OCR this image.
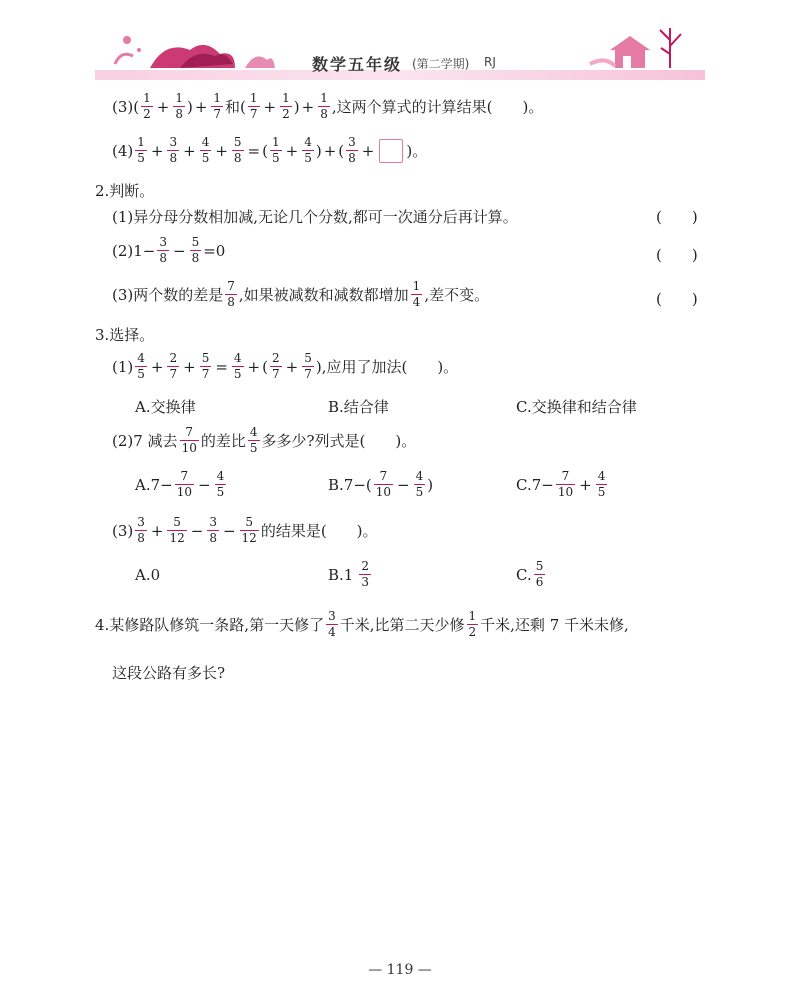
数学五年级 (第二学期) RJ
$(3)( \frac{1}{2} + \frac{1}{8}$ ) + $\frac{1}{7}$ 和( $\frac{1}{7} + \frac{1}{2}$ ) + $\frac{1}{8}$ ,这两个算式的计算结果(　　)。
$(4) \frac{1}{5} + \frac{3}{8} + \frac{4}{5} + \frac{5}{8}$ = ( $\frac{1}{5} + \frac{4}{5}$ ) + ( $\frac{3}{8}$ + )。
2.判断。
(1)异分母分数相加减,无论几个分数,都可一次通分后再计算。	(　　)
$(2)1- \frac{3}{8} - \frac{5}{8} =0$	(　　)
(3)两个数的差是 $\frac{7}{8}$ ,如果被减数和减数都增加 $\frac{1}{4}$ ,差不变。	(　　)
3.选择。
$(1) \frac{4}{5} + \frac{2}{7} + \frac{5}{7} = \frac{4}{5}$ + ( $\frac{2}{7} + \frac{5}{7}$ ) ,应用了加法(　　)。
A.交换律	B.结合律	C.交换律和结合律
(2)7 减去 $\frac{7}{10}$ 的差比 $\frac{4}{5}$ 多多少?列式是(　　)。
$A.7- \frac{7}{10} - \frac{4}{5}$	$B.7-( \frac{7}{10} - \frac{4}{5}$ )	$C.7- \frac{7}{10} + \frac{4}{5}$
$(3) \frac{3}{8} + \frac{5}{12} - \frac{3}{8} - \frac{5}{12}$ 的结果是(　　)。
A.0	$B.1 \frac{2}{3}$	C. $\frac{5}{6}$
4.某修路队修筑一条路,第一天修了 $\frac{3}{4}$ 千米,比第二天少修 $\frac{1}{2}$ 千米,还剩 7 千米未修,
这段公路有多长?
— 119 —
